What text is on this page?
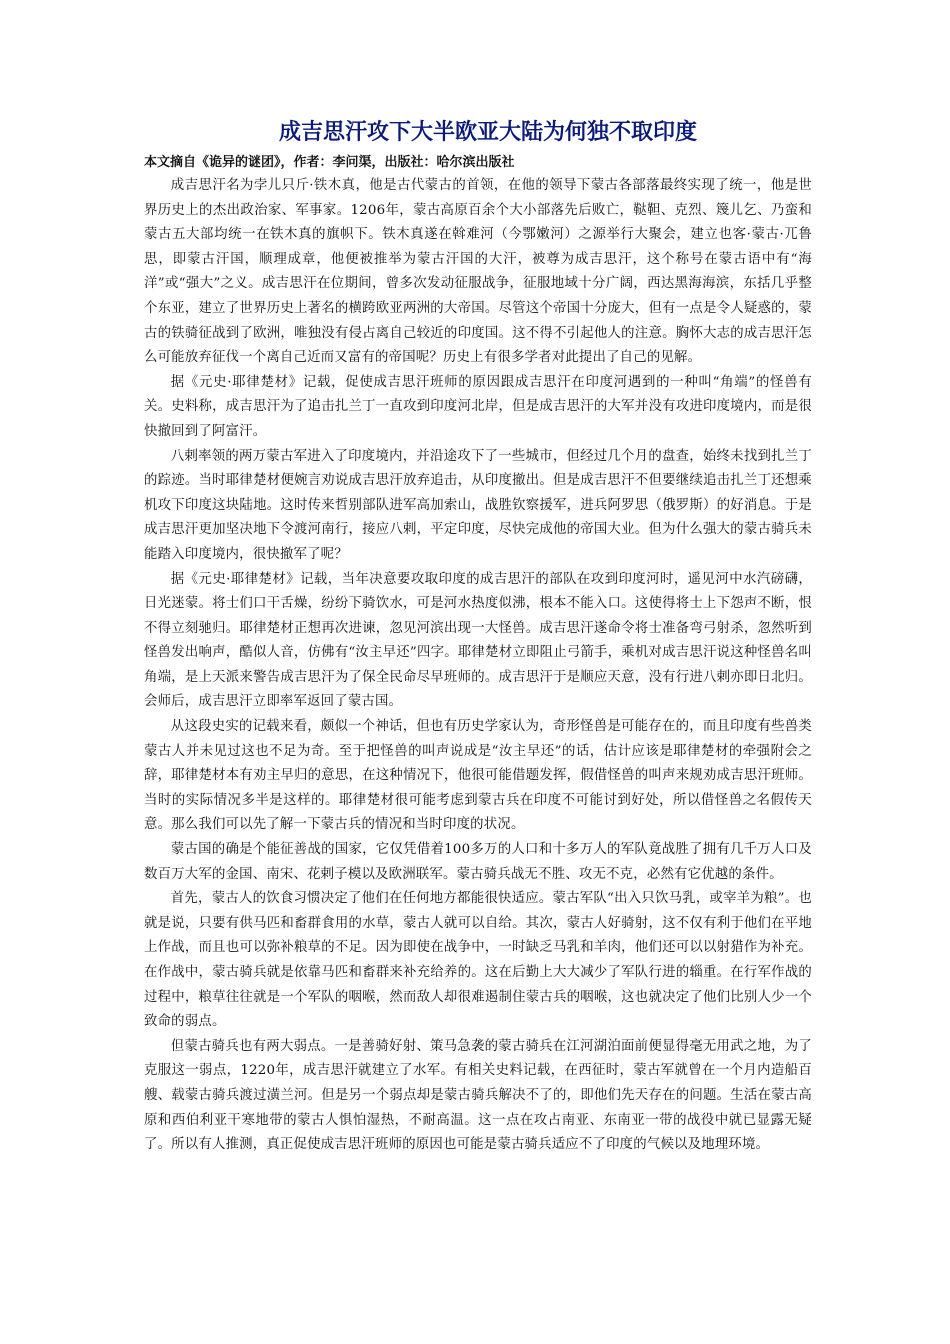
成吉思汗攻下大半欧亚大陆为何独不取印度

本文摘自《诡异的谜团》，作者：李问渠，出版社：哈尔滨出版社

成吉思汗名为孛儿只斤·铁木真，他是古代蒙古的首领，在他的领导下蒙古各部落最终实现了统一，他是世界历史上的杰出政治家、军事家。1206年，蒙古高原百余个大小部落先后败亡，鞑靼、克烈、篾儿乞、乃蛮和蒙古五大部均统一在铁木真的旗帜下。铁木真遂在斡难河（今鄂嫩河）之源举行大聚会，建立也客·蒙古·兀鲁思，即蒙古汗国，顺理成章，他便被推举为蒙古汗国的大汗，被尊为成吉思汗，这个称号在蒙古语中有“海洋”或“强大”之义。成吉思汗在位期间，曾多次发动征服战争，征服地域十分广阔，西达黑海海滨，东括几乎整个东亚，建立了世界历史上著名的横跨欧亚两洲的大帝国。尽管这个帝国十分庞大，但有一点是令人疑惑的，蒙古的铁骑征战到了欧洲，唯独没有侵占离自己较近的印度国。这不得不引起他人的注意。胸怀大志的成吉思汗怎么可能放弃征伐一个离自己近而又富有的帝国呢？历史上有很多学者对此提出了自己的见解。

据《元史·耶律楚材》记载，促使成吉思汗班师的原因跟成吉思汗在印度河遇到的一种叫“角端”的怪兽有关。史料称，成吉思汗为了追击扎兰丁一直攻到印度河北岸，但是成吉思汗的大军并没有攻进印度境内，而是很快撤回到了阿富汗。

八剌率领的两万蒙古军进入了印度境内，并沿途攻下了一些城市，但经过几个月的盘查，始终未找到扎兰丁的踪迹。当时耶律楚材便婉言劝说成吉思汗放弃追击，从印度撤出。但是成吉思汗不但要继续追击扎兰丁还想乘机攻下印度这块陆地。这时传来哲别部队进军高加索山，战胜钦察援军，进兵阿罗思（俄罗斯）的好消息。于是成吉思汗更加坚决地下令渡河南行，接应八剌，平定印度，尽快完成他的帝国大业。但为什么强大的蒙古骑兵未能踏入印度境内，很快撤军了呢？

据《元史·耶律楚材》记载，当年决意要攻取印度的成吉思汗的部队在攻到印度河时，遥见河中水汽磅礴，日光迷蒙。将士们口干舌燥，纷纷下骑饮水，可是河水热度似沸，根本不能入口。这使得将士上下怨声不断，恨不得立刻驰归。耶律楚材正想再次进谏，忽见河滨出现一大怪兽。成吉思汗遂命令将士准备弯弓射杀，忽然听到怪兽发出响声，酷似人音，仿佛有“汝主早还”四字。耶律楚材立即阻止弓箭手，乘机对成吉思汗说这种怪兽名叫角端，是上天派来警告成吉思汗为了保全民命尽早班师的。成吉思汗于是顺应天意，没有行进八剌亦即日北归。会师后，成吉思汗立即率军返回了蒙古国。

从这段史实的记载来看，颇似一个神话，但也有历史学家认为，奇形怪兽是可能存在的，而且印度有些兽类蒙古人并未见过这也不足为奇。至于把怪兽的叫声说成是“汝主早还”的话，估计应该是耶律楚材的牵强附会之辞，耶律楚材本有劝主早归的意思，在这种情况下，他很可能借题发挥，假借怪兽的叫声来规劝成吉思汗班师。当时的实际情况多半是这样的。耶律楚材很可能考虑到蒙古兵在印度不可能讨到好处，所以借怪兽之名假传天意。那么我们可以先了解一下蒙古兵的情况和当时印度的状况。

蒙古国的确是个能征善战的国家，它仅凭借着100多万的人口和十多万人的军队竟战胜了拥有几千万人口及数百万大军的金国、南宋、花剌子模以及欧洲联军。蒙古骑兵战无不胜、攻无不克，必然有它优越的条件。

首先，蒙古人的饮食习惯决定了他们在任何地方都能很快适应。蒙古军队“出入只饮马乳，或宰羊为粮”。也就是说，只要有供马匹和畜群食用的水草，蒙古人就可以自给。其次，蒙古人好骑射，这不仅有利于他们在平地上作战，而且也可以弥补粮草的不足。因为即使在战争中，一时缺乏马乳和羊肉，他们还可以以射猎作为补充。在作战中，蒙古骑兵就是依靠马匹和畜群来补充给养的。这在后勤上大大减少了军队行进的辎重。在行军作战的过程中，粮草往往就是一个军队的咽喉，然而敌人却很难遏制住蒙古兵的咽喉，这也就决定了他们比别人少一个致命的弱点。

但蒙古骑兵也有两大弱点。一是善骑好射、策马急袭的蒙古骑兵在江河湖泊面前便显得毫无用武之地，为了克服这一弱点，1220年，成吉思汗就建立了水军。有相关史料记载，在西征时，蒙古军就曾在一个月内造船百艘、载蒙古骑兵渡过潢兰河。但是另一个弱点却是蒙古骑兵解决不了的，即他们先天存在的问题。生活在蒙古高原和西伯利亚干寒地带的蒙古人惧怕湿热，不耐高温。这一点在攻占南亚、东南亚一带的战役中就已显露无疑了。所以有人推测，真正促使成吉思汗班师的原因也可能是蒙古骑兵适应不了印度的气候以及地理环境。
